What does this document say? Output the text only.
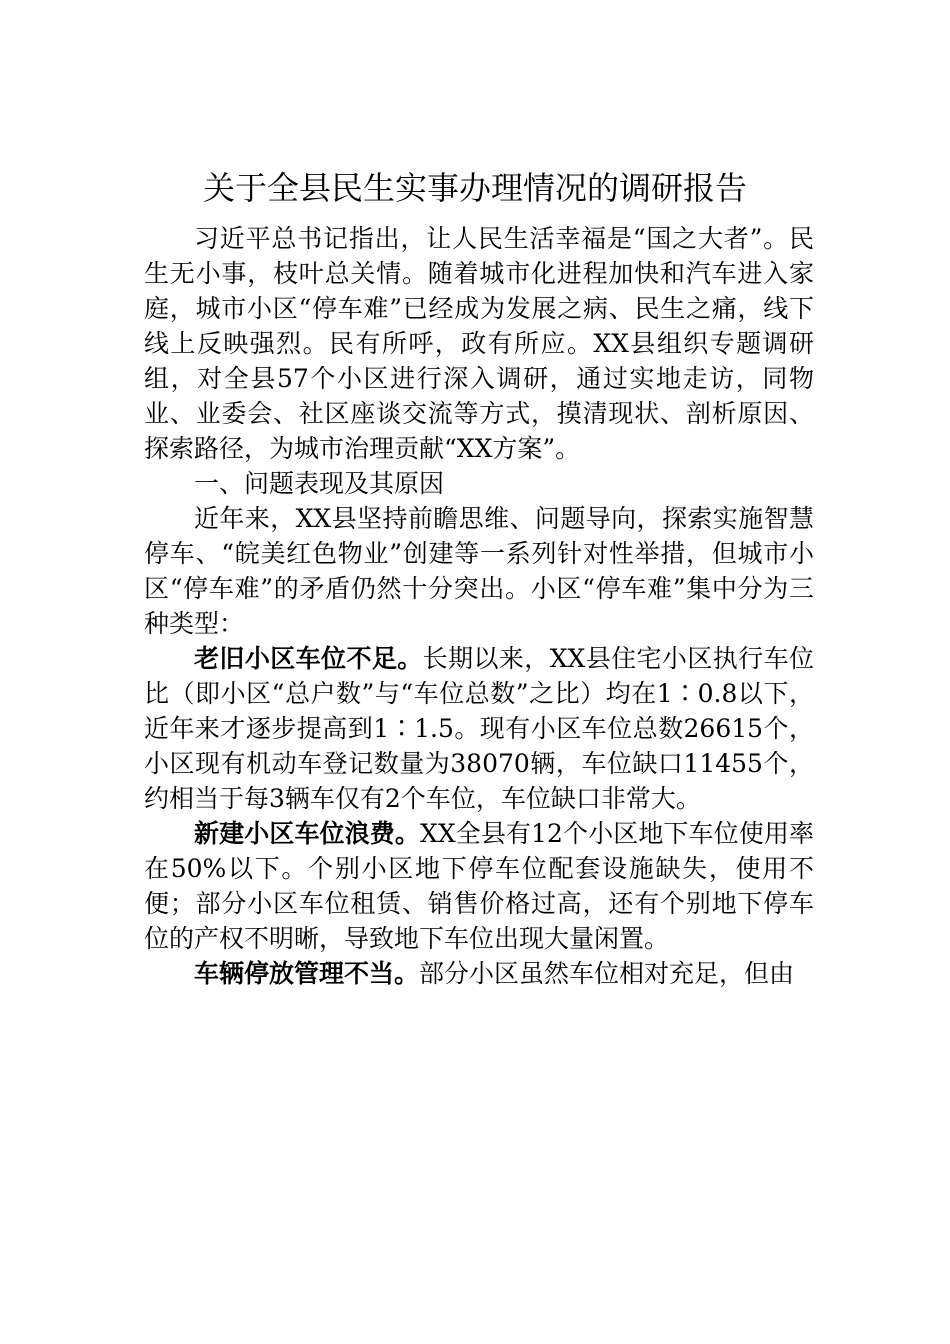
关于全县民生实事办理情况的调研报告

习近平总书记指出，让人民生活幸福是“国之大者”。民生无小事，枝叶总关情。随着城市化进程加快和汽车进入家庭，城市小区“停车难”已经成为发展之病、民生之痛，线下线上反映强烈。民有所呼，政有所应。XX县组织专题调研组，对全县57个小区进行深入调研，通过实地走访，同物业、业委会、社区座谈交流等方式，摸清现状、剖析原因、探索路径，为城市治理贡献“XX方案”。

一、问题表现及其原因

近年来，XX县坚持前瞻思维、问题导向，探索实施智慧停车、“皖美红色物业”创建等一系列针对性举措，但城市小区“停车难”的矛盾仍然十分突出。小区“停车难”集中分为三种类型：

老旧小区车位不足。长期以来，XX县住宅小区执行车位比（即小区“总户数”与“车位总数”之比）均在1∶0.8以下，近年来才逐步提高到1∶1.5。现有小区车位总数26615个，小区现有机动车登记数量为38070辆，车位缺口11455个，约相当于每3辆车仅有2个车位，车位缺口非常大。

新建小区车位浪费。XX全县有12个小区地下车位使用率在50%以下。个别小区地下停车位配套设施缺失，使用不便；部分小区车位租赁、销售价格过高，还有个别地下停车位的产权不明晰，导致地下车位出现大量闲置。

车辆停放管理不当。部分小区虽然车位相对充足，但由
